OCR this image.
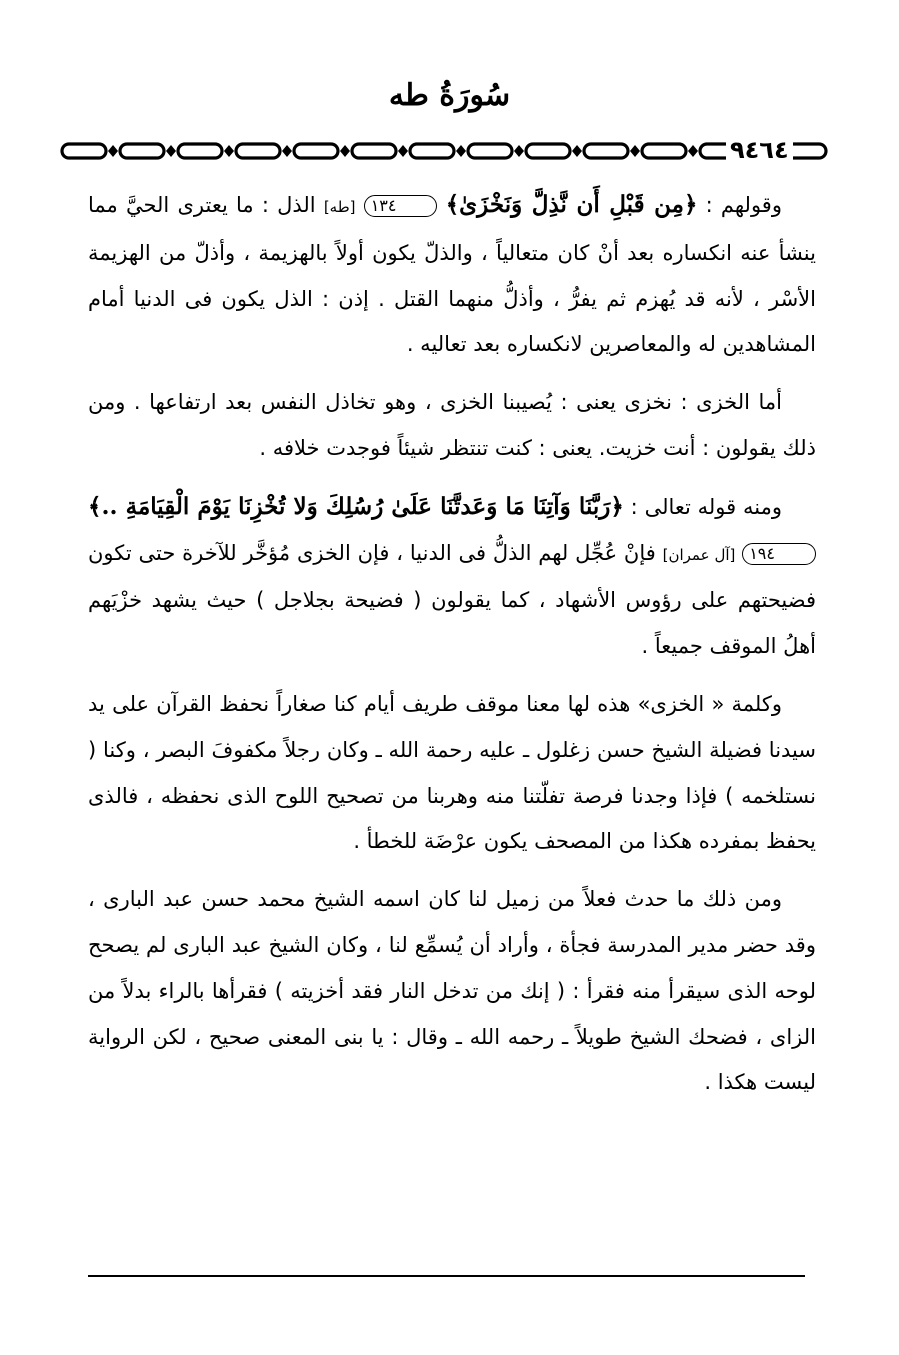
سُورَةُ طه
٩٤٦٤

وقولهم : ﴿مِن قَبْلِ أَن نَّذِلَّ وَنَخْزَىٰ﴾ ١٣٤ [طه] الذل : ما يعترى الحيَّ مما ينشأ عنه انكساره بعد أنْ كان متعالياً ، والذلّ يكون أولاً بالهزيمة ، وأذلّ من الهزيمة الأسْر ، لأنه قد يُهزم ثم يفرُّ ، وأذلُّ منهما القتل . إذن : الذل يكون فى الدنيا أمام المشاهدين له والمعاصرين لانكساره بعد تعاليه .

أما الخزى : نخزى يعنى : يُصيبنا الخزى ، وهو تخاذل النفس بعد ارتفاعها . ومن ذلك يقولون : أنت خزيت. يعنى : كنت تنتظر شيئاً فوجدت خلافه .

ومنه قوله تعالى : ﴿رَبَّنَا وَآتِنَا مَا وَعَدتَّنَا عَلَىٰ رُسُلِكَ وَلا تُخْزِنَا يَوْمَ الْقِيَامَةِ ..﴾ ١٩٤ [آل عمران] فإنْ عُجِّل لهم الذلُّ فى الدنيا ، فإن الخزى مُؤخَّر للآخرة حتى تكون فضيحتهم على رؤوس الأشهاد ، كما يقولون ( فضيحة بجلاجل ) حيث يشهد خزْيَهم أهلُ الموقف جميعاً .

وكلمة « الخزى» هذه لها معنا موقف طريف أيام كنا صغاراً نحفظ القرآن على يد سيدنا فضيلة الشيخ حسن زغلول ـ عليه رحمة الله ـ وكان رجلاً مكفوفَ البصر ، وكنا ( نستلخمه ) فإذا وجدنا فرصة تفلّتنا منه وهربنا من تصحيح اللوح الذى نحفظه ، فالذى يحفظ بمفرده هكذا من المصحف يكون عرْضَة للخطأ .

ومن ذلك ما حدث فعلاً من زميل لنا كان اسمه الشيخ محمد حسن عبد البارى ، وقد حضر مدير المدرسة فجأة ، وأراد أن يُسمِّع لنا ، وكان الشيخ عبد البارى لم يصحح لوحه الذى سيقرأ منه فقرأ : ( إنك من تدخل النار فقد أخزيته ) فقرأها بالراء بدلاً من الزاى ، فضحك الشيخ طويلاً ـ رحمه الله ـ وقال : يا بنى المعنى صحيح ، لكن الرواية ليست هكذا .
